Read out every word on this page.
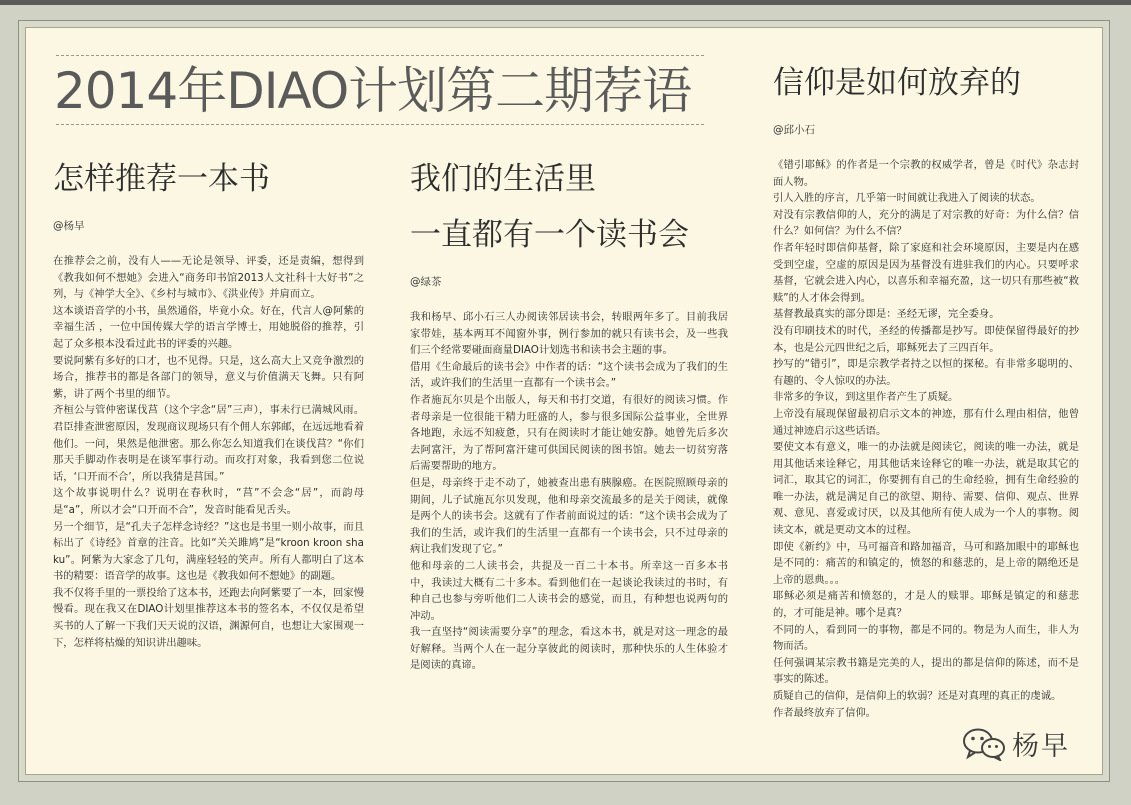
2014年DIAO计划第二期荐语
怎样推荐一本书
@杨早

在推荐会之前，没有人——无论是领导、评委，还是责编，想得到《教我如何不想她》会进入“商务印书馆2013人文社科十大好书”之列，与《神学大全》、《乡村与城市》、《洪业传》并肩而立。

这本谈语音学的小书，虽然通俗，毕竟小众。好在，代言人@阿紫的幸福生活 ，一位中国传媒大学的语言学博士，用她脱俗的推荐，引起了众多根本没看过此书的评委的兴趣。

要说阿紫有多好的口才，也不见得。只是，这么高大上又竞争激烈的场合，推荐书的都是各部门的领导，意义与价值满天飞舞。只有阿紫，讲了两个书里的细节。

齐桓公与管仲密谋伐莒（这个字念“居”三声），事未行已满城风雨。君臣排查泄密原因，发现商议现场只有个佣人东郭邮，在远远地看着他们。一问，果然是他泄密。那么你怎么知道我们在谈伐莒？“你们那天手脚动作表明是在谈军事行动。而攻打对象，我看到您二位说话，‘口开而不合’，所以我猜是莒国。”

这个故事说明什么？说明在春秋时，“莒”不会念“居”，而韵母是“a”，所以才会“口开而不合”，发音时能看见舌头。

另一个细节，是“孔夫子怎样念诗经？”这也是书里一则小故事，而且标出了《诗经》首章的注音。比如“关关雎鸠”是“kroon kroon sha ku”。阿紫为大家念了几句，满座轻轻的笑声。所有人都明白了这本书的精要：语音学的故事。这也是《教我如何不想她》的副题。

我不仅将手里的一票投给了这本书，还跑去向阿紫要了一本，回家慢慢看。现在我又在DIAO计划里推荐这本书的签名本，不仅仅是希望买书的人了解一下我们天天说的汉语，渊源何自，也想让大家围观一下，怎样将枯燥的知识讲出趣味。

我们的生活里
一直都有一个读书会
@绿茶

我和杨早、邱小石三人办阅读邻居读书会，转眼两年多了。目前我居家带娃，基本两耳不闻窗外事，例行参加的就只有读书会，及一些我们三个经常要碰面商量DIAO计划选书和读书会主题的事。

借用《生命最后的读书会》中作者的话：“这个读书会成为了我们的生活，或许我们的生活里一直都有一个读书会。”

作者施瓦尔贝是个出版人，每天和书打交道，有很好的阅读习惯。作者母亲是一位很能干精力旺盛的人，参与很多国际公益事业，全世界各地跑，永远不知疲惫，只有在阅读时才能让她安静。她曾先后多次去阿富汗，为了帮阿富汗建可供国民阅读的图书馆。她去一切贫穷落后需要帮助的地方。

但是，母亲终于走不动了，她被查出患有胰腺癌。在医院照顾母亲的期间，儿子试施瓦尔贝发现，他和母亲交流最多的是关于阅读，就像是两个人的读书会。这就有了作者前面说过的话：“这个读书会成为了我们的生活，或许我们的生活里一直都有一个读书会，只不过母亲的病让我们发现了它。”

他和母亲的二人读书会，共提及一百二十本书。所幸这一百多本书中，我读过大概有二十多本。看到他们在一起谈论我读过的书时，有种自己也参与旁听他们二人读书会的感觉，而且，有种想也说两句的冲动。

我一直坚持“阅读需要分享”的理念，看这本书，就是对这一理念的最好解释。当两个人在一起分享彼此的阅读时，那种快乐的人生体验才是阅读的真谛。

信仰是如何放弃的
@邱小石

《错引耶稣》的作者是一个宗教的权威学者，曾是《时代》杂志封面人物。

引人入胜的序言，几乎第一时间就让我进入了阅读的状态。

对没有宗教信仰的人，充分的满足了对宗教的好奇：为什么信？信什么？如何信？为什么不信？

作者年轻时即信仰基督，除了家庭和社会环境原因，主要是内在感受到空虚，空虚的原因是因为基督没有进驻我们的内心。只要呼求基督，它就会进入内心，以喜乐和幸福充盈，这一切只有那些被“救赎”的人才体会得到。

基督教最真实的部分即是：圣经无谬，完全委身。

没有印刷技术的时代，圣经的传播都是抄写。即使保留得最好的抄本，也是公元四世纪之后，耶稣死去了三四百年。

抄写的“错引”，即是宗教学者持之以恒的探秘。有非常多聪明的、有趣的、令人惊叹的办法。

非常多的争议，到这里作者产生了质疑。

上帝没有展现保留最初启示文本的神迹，那有什么理由相信，他曾通过神迹启示这些话语。

要使文本有意义，唯一的办法就是阅读它，阅读的唯一办法，就是用其他话来诠释它，用其他话来诠释它的唯一办法，就是取其它的词汇，取其它的词汇，你要拥有自己的生命经验，拥有生命经验的唯一办法，就是满足自己的欲望、期待、需要、信仰、观点、世界观、意见、喜爱或讨厌，以及其他所有使人成为一个人的事物。阅读文本，就是更动文本的过程。

即使《新约》中，马可福音和路加福音，马可和路加眼中的耶稣也是不同的：痛苦的和镇定的，愤怒的和慈悲的，是上帝的隔绝还是上帝的恩典。。。

耶稣必须是痛苦和愤怒的，才是人的赎罪。耶稣是镇定的和慈悲的，才可能是神。哪个是真？

不同的人，看到同一的事物，都是不同的。物是为人而生，非人为物而活。

任何强调某宗教书籍是完美的人，提出的都是信仰的陈述，而不是事实的陈述。

质疑自己的信仰，是信仰上的软弱？还是对真理的真正的虔诚。

作者最终放弃了信仰。

杨早
